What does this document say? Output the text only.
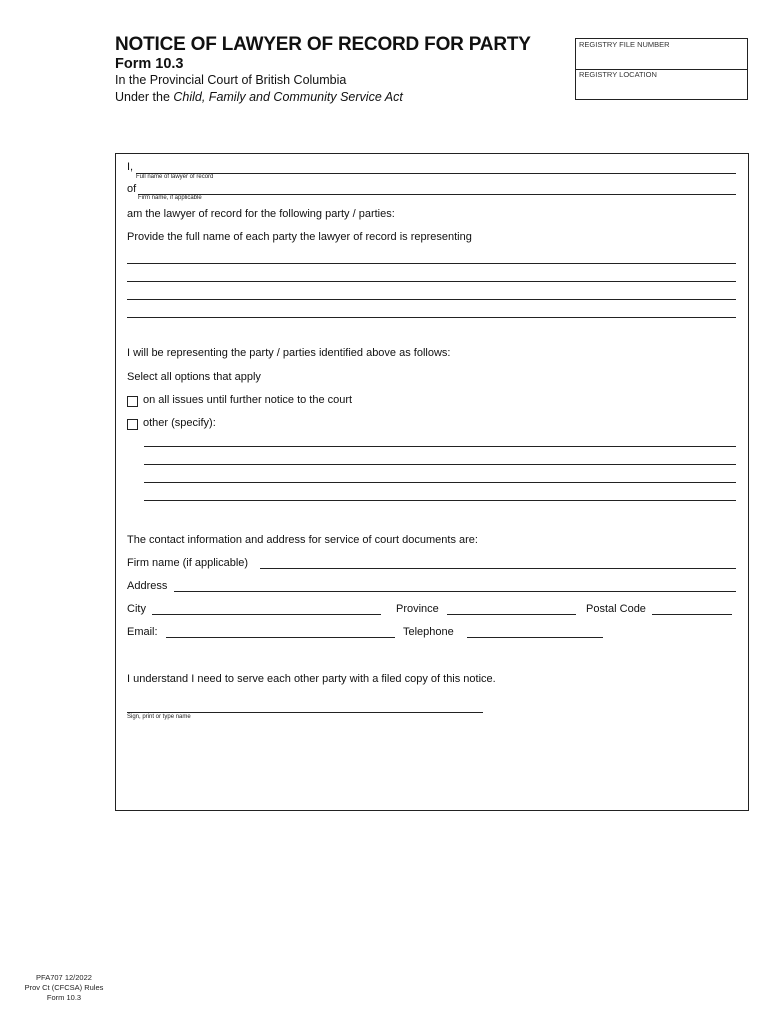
NOTICE OF LAWYER OF RECORD FOR PARTY
Form 10.3
In the Provincial Court of British Columbia
Under the Child, Family and Community Service Act
REGISTRY FILE NUMBER
REGISTRY LOCATION
I,
Full name of lawyer of record
of
Firm name, if applicable
am the lawyer of record for the following party / parties:
Provide the full name of each party the lawyer of record is representing
I will be representing the party / parties identified above as follows:
Select all options that apply
on all issues until further notice to the court
other (specify):
The contact information and address for service of court documents are:
Firm name (if applicable)
Address
City	Province	Postal Code
Email:	Telephone
I understand I need to serve each other party with a filed copy of this notice.
Sign, print or type name
PFA707 12/2022
Prov Ct (CFCSA) Rules
Form 10.3
